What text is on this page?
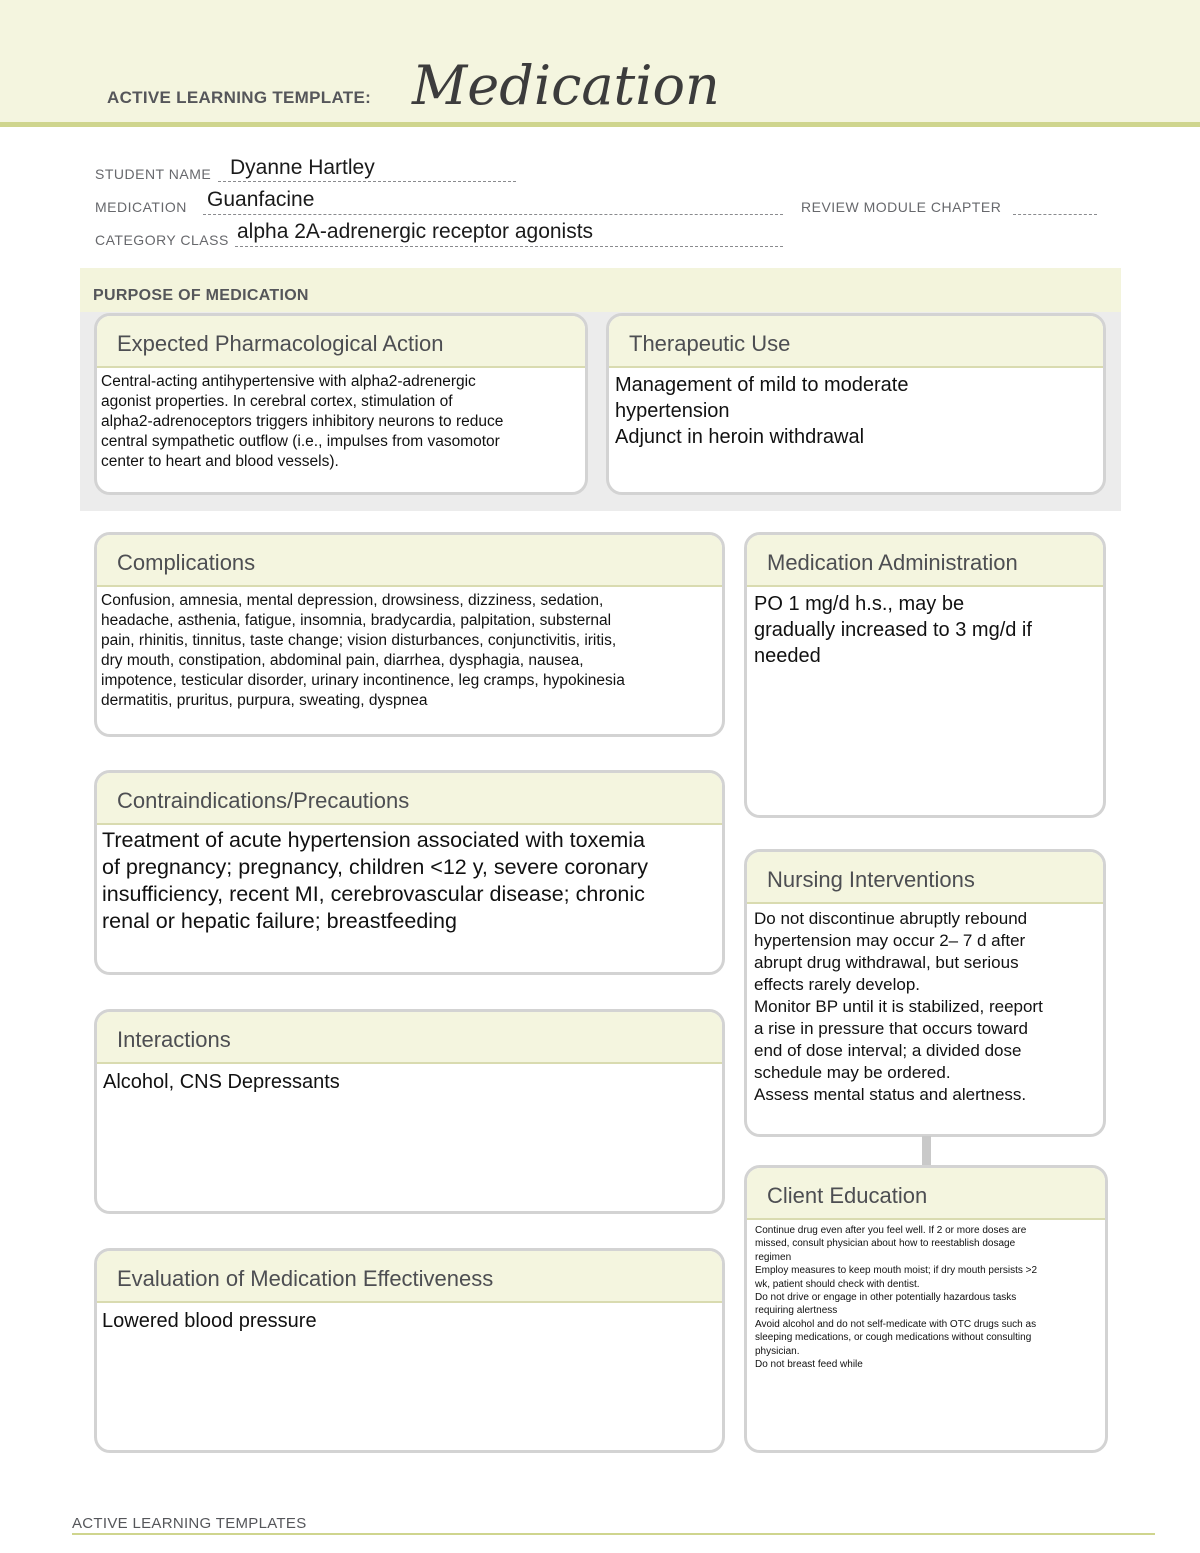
ACTIVE LEARNING TEMPLATE: Medication
STUDENT NAME Dyanne Hartley
MEDICATION Guanfacine	REVIEW MODULE CHAPTER
CATEGORY CLASS alpha 2A-adrenergic receptor agonists
PURPOSE OF MEDICATION
Expected Pharmacological Action
Central-acting antihypertensive with alpha2-adrenergic
agonist properties. In cerebral cortex, stimulation of
alpha2-adrenoceptors triggers inhibitory neurons to reduce
central sympathetic outflow (i.e., impulses from vasomotor
center to heart and blood vessels).
Therapeutic Use
Management of mild to moderate
hypertension
Adjunct in heroin withdrawal
Complications
Confusion, amnesia, mental depression, drowsiness, dizziness, sedation,
headache, asthenia, fatigue, insomnia, bradycardia, palpitation, substernal
pain, rhinitis, tinnitus, taste change; vision disturbances, conjunctivitis, iritis,
dry mouth, constipation, abdominal pain, diarrhea, dysphagia, nausea,
impotence, testicular disorder, urinary incontinence, leg cramps, hypokinesia
dermatitis, pruritus, purpura, sweating, dyspnea
Medication Administration
PO 1 mg/d h.s., may be
gradually increased to 3 mg/d if
needed
Contraindications/Precautions
Treatment of acute hypertension associated with toxemia
of pregnancy; pregnancy, children <12 y, severe coronary
insufficiency, recent MI, cerebrovascular disease; chronic
renal or hepatic failure; breastfeeding
Nursing Interventions
Do not discontinue abruptly rebound
hypertension may occur 2– 7 d after
abrupt drug withdrawal, but serious
effects rarely develop.
Monitor BP until it is stabilized, reeport
a rise in pressure that occurs toward
end of dose interval; a divided dose
schedule may be ordered.
Assess mental status and alertness.
Interactions
Alcohol, CNS Depressants
Client Education
Continue drug even after you feel well. If 2 or more doses are
missed, consult physician about how to reestablish dosage
regimen
Employ measures to keep mouth moist; if dry mouth persists >2
wk, patient should check with dentist.
Do not drive or engage in other potentially hazardous tasks
requiring alertness
Avoid alcohol and do not self-medicate with OTC drugs such as
sleeping medications, or cough medications without consulting
physician.
Do not breast feed while
Evaluation of Medication Effectiveness
Lowered blood pressure
ACTIVE LEARNING TEMPLATES
